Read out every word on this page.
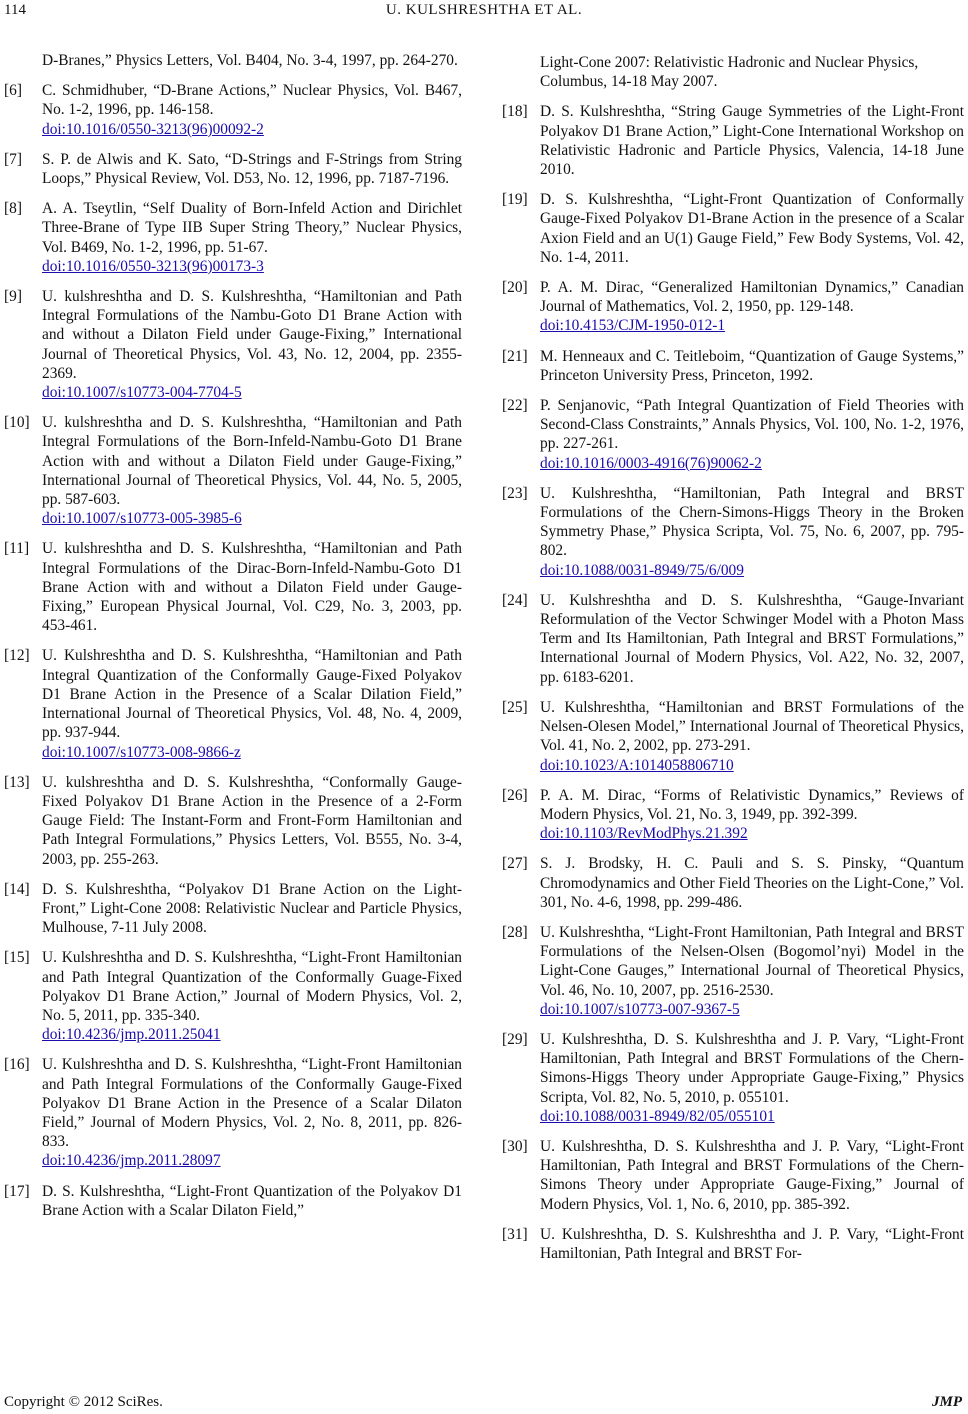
114	U. KULSHRESHTHA ET AL.
D-Branes,” Physics Letters, Vol. B404, No. 3-4, 1997, pp. 264-270.
[6] C. Schmidhuber, “D-Brane Actions,” Nuclear Physics, Vol. B467, No. 1-2, 1996, pp. 146-158.
doi:10.1016/0550-3213(96)00092-2
[7] S. P. de Alwis and K. Sato, “D-Strings and F-Strings from String Loops,” Physical Review, Vol. D53, No. 12, 1996, pp. 7187-7196.
[8] A. A. Tseytlin, “Self Duality of Born-Infeld Action and Dirichlet Three-Brane of Type IIB Super String Theory,” Nuclear Physics, Vol. B469, No. 1-2, 1996, pp. 51-67.
doi:10.1016/0550-3213(96)00173-3
[9] U. kulshreshtha and D. S. Kulshreshtha, “Hamiltonian and Path Integral Formulations of the Nambu-Goto D1 Brane Action with and without a Dilaton Field under Gauge-Fixing,” International Journal of Theoretical Physics, Vol. 43, No. 12, 2004, pp. 2355-2369.
doi:10.1007/s10773-004-7704-5
[10] U. kulshreshtha and D. S. Kulshreshtha, “Hamiltonian and Path Integral Formulations of the Born-Infeld-Nambu-Goto D1 Brane Action with and without a Dilaton Field under Gauge-Fixing,” International Journal of Theoretical Physics, Vol. 44, No. 5, 2005, pp. 587-603.
doi:10.1007/s10773-005-3985-6
[11] U. kulshreshtha and D. S. Kulshreshtha, “Hamiltonian and Path Integral Formulations of the Dirac-Born-Infeld-Nambu-Goto D1 Brane Action with and without a Dilaton Field under Gauge-Fixing,” European Physical Journal, Vol. C29, No. 3, 2003, pp. 453-461.
[12] U. Kulshreshtha and D. S. Kulshreshtha, “Hamiltonian and Path Integral Quantization of the Conformally Gauge-Fixed Polyakov D1 Brane Action in the Presence of a Scalar Dilation Field,” International Journal of Theoretical Physics, Vol. 48, No. 4, 2009, pp. 937-944.
doi:10.1007/s10773-008-9866-z
[13] U. kulshreshtha and D. S. Kulshreshtha, “Conformally Gauge-Fixed Polyakov D1 Brane Action in the Presence of a 2-Form Gauge Field: The Instant-Form and Front-Form Hamiltonian and Path Integral Formulations,” Physics Letters, Vol. B555, No. 3-4, 2003, pp. 255-263.
[14] D. S. Kulshreshtha, “Polyakov D1 Brane Action on the Light-Front,” Light-Cone 2008: Relativistic Nuclear and Particle Physics, Mulhouse, 7-11 July 2008.
[15] U. Kulshreshtha and D. S. Kulshreshtha, “Light-Front Hamiltonian and Path Integral Quantization of the Conformally Guage-Fixed Polyakov D1 Brane Action,” Journal of Modern Physics, Vol. 2, No. 5, 2011, pp. 335-340.
doi:10.4236/jmp.2011.25041
[16] U. Kulshreshtha and D. S. Kulshreshtha, “Light-Front Hamiltonian and Path Integral Formulations of the Conformally Gauge-Fixed Polyakov D1 Brane Action in the Presence of a Scalar Dilaton Field,” Journal of Modern Physics, Vol. 2, No. 8, 2011, pp. 826-833.
doi:10.4236/jmp.2011.28097
[17] D. S. Kulshreshtha, “Light-Front Quantization of the Polyakov D1 Brane Action with a Scalar Dilaton Field,”
Light-Cone 2007: Relativistic Hadronic and Nuclear Physics, Columbus, 14-18 May 2007.
[18] D. S. Kulshreshtha, “String Gauge Symmetries of the Light-Front Polyakov D1 Brane Action,” Light-Cone International Workshop on Relativistic Hadronic and Particle Physics, Valencia, 14-18 June 2010.
[19] D. S. Kulshreshtha, “Light-Front Quantization of Conformally Gauge-Fixed Polyakov D1-Brane Action in the presence of a Scalar Axion Field and an U(1) Gauge Field,” Few Body Systems, Vol. 42, No. 1-4, 2011.
[20] P. A. M. Dirac, “Generalized Hamiltonian Dynamics,” Canadian Journal of Mathematics, Vol. 2, 1950, pp. 129-148.
doi:10.4153/CJM-1950-012-1
[21] M. Henneaux and C. Teitleboim, “Quantization of Gauge Systems,” Princeton University Press, Princeton, 1992.
[22] P. Senjanovic, “Path Integral Quantization of Field Theories with Second-Class Constraints,” Annals Physics, Vol. 100, No. 1-2, 1976, pp. 227-261.
doi:10.1016/0003-4916(76)90062-2
[23] U. Kulshreshtha, “Hamiltonian, Path Integral and BRST Formulations of the Chern-Simons-Higgs Theory in the Broken Symmetry Phase,” Physica Scripta, Vol. 75, No. 6, 2007, pp. 795-802.
doi:10.1088/0031-8949/75/6/009
[24] U. Kulshreshtha and D. S. Kulshreshtha, “Gauge-Invariant Reformulation of the Vector Schwinger Model with a Photon Mass Term and Its Hamiltonian, Path Integral and BRST Formulations,” International Journal of Modern Physics, Vol. A22, No. 32, 2007, pp. 6183-6201.
[25] U. Kulshreshtha, “Hamiltonian and BRST Formulations of the Nelsen-Olesen Model,” International Journal of Theoretical Physics, Vol. 41, No. 2, 2002, pp. 273-291.
doi:10.1023/A:1014058806710
[26] P. A. M. Dirac, “Forms of Relativistic Dynamics,” Reviews of Modern Physics, Vol. 21, No. 3, 1949, pp. 392-399.
doi:10.1103/RevModPhys.21.392
[27] S. J. Brodsky, H. C. Pauli and S. S. Pinsky, “Quantum Chromodynamics and Other Field Theories on the Light-Cone,” Vol. 301, No. 4-6, 1998, pp. 299-486.
[28] U. Kulshreshtha, “Light-Front Hamiltonian, Path Integral and BRST Formulations of the Nelsen-Olsen (Bogomol’nyi) Model in the Light-Cone Gauges,” International Journal of Theoretical Physics, Vol. 46, No. 10, 2007, pp. 2516-2530.
doi:10.1007/s10773-007-9367-5
[29] U. Kulshreshtha, D. S. Kulshreshtha and J. P. Vary, “Light-Front Hamiltonian, Path Integral and BRST Formulations of the Chern-Simons-Higgs Theory under Appropriate Gauge-Fixing,” Physics Scripta, Vol. 82, No. 5, 2010, p. 055101.
doi:10.1088/0031-8949/82/05/055101
[30] U. Kulshreshtha, D. S. Kulshreshtha and J. P. Vary, “Light-Front Hamiltonian, Path Integral and BRST Formulations of the Chern-Simons Theory under Appropriate Gauge-Fixing,” Journal of Modern Physics, Vol. 1, No. 6, 2010, pp. 385-392.
[31] U. Kulshreshtha, D. S. Kulshreshtha and J. P. Vary, “Light-Front Hamiltonian, Path Integral and BRST For-
Copyright © 2012 SciRes.	JMP
